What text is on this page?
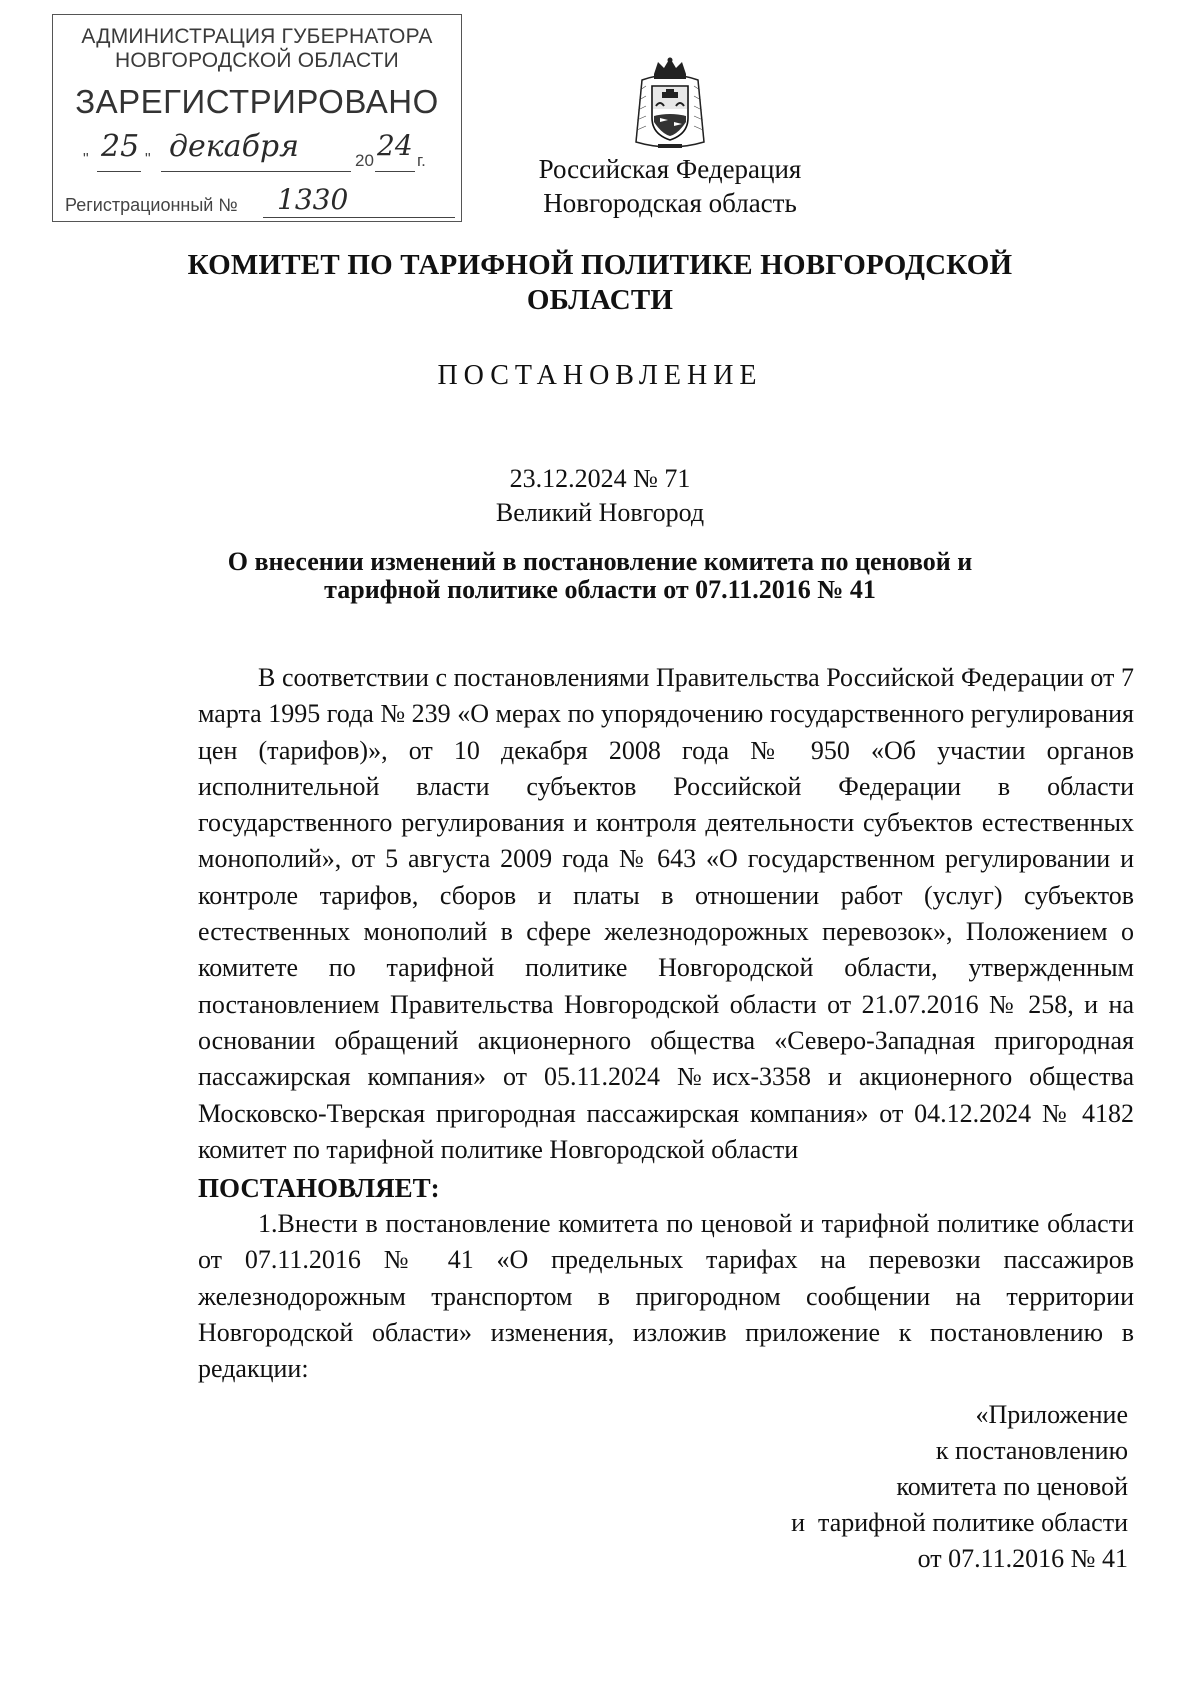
АДМИНИСТРАЦИЯ ГУБЕРНАТОРА
НОВГОРОДСКОЙ ОБЛАСТИ
ЗАРЕГИСТРИРОВАНО
" 25 " декабря	20 24 г.
Регистрационный № 1330
Российская Федерация
Новгородская область
КОМИТЕТ ПО ТАРИФНОЙ ПОЛИТИКЕ НОВГОРОДСКОЙ
ОБЛАСТИ
ПОСТАНОВЛЕНИЕ
23.12.2024 № 71
Великий Новгород
О внесении изменений в постановление комитета по ценовой и
тарифной политике области от 07.11.2016 № 41

В соответствии с постановлениями Правительства Российской Федерации от 7 марта 1995 года № 239 «О мерах по упорядочению государственного регулирования цен (тарифов)», от 10 декабря 2008 года № 950 «Об участии органов исполнительной власти субъектов Российской Федерации в области государственного регулирования и контроля деятельности субъектов естественных монополий», от 5 августа 2009 года № 643 «О государственном регулировании и контроле тарифов, сборов и платы в отношении работ (услуг) субъектов естественных монополий в сфере железнодорожных перевозок», Положением о комитете по тарифной политике Новгородской области, утвержденным постановлением Правительства Новгородской области от 21.07.2016 № 258, и на основании обращений акционерного общества «Северо-Западная пригородная пассажирская компания» от 05.11.2024 №исх-3358 и акционерного общества Московско-Тверская пригородная пассажирская компания» от 04.12.2024 № 4182 комитет по тарифной политике Новгородской области

ПОСТАНОВЛЯЕТ:

1.Внести в постановление комитета по ценовой и тарифной политике области от 07.11.2016 № 41 «О предельных тарифах на перевозки пассажиров железнодорожным транспортом в пригородном сообщении на территории Новгородской области» изменения, изложив приложение к постановлению в редакции:

«Приложение
к постановлению
комитета по ценовой
и  тарифной политике области
от 07.11.2016 № 41
